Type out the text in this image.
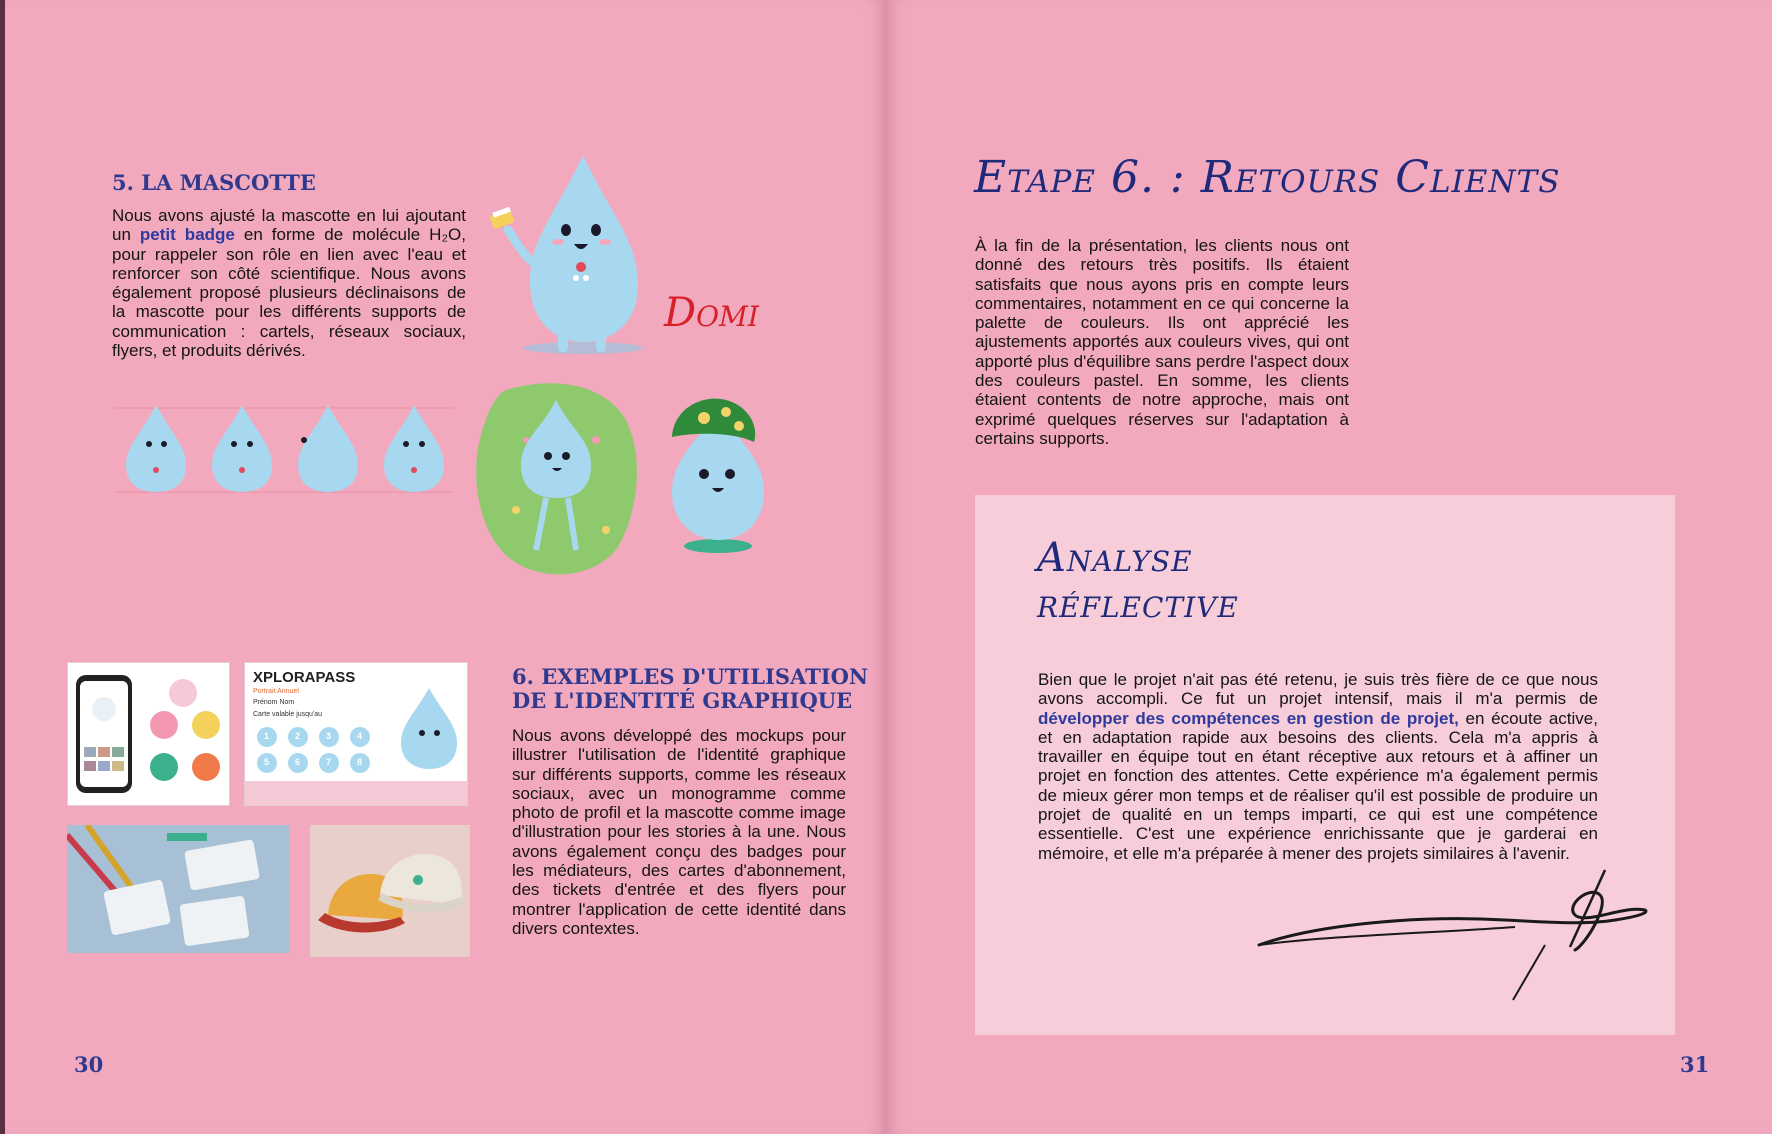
5. LA MASCOTTE
Nous avons ajusté la mascotte en lui ajoutant un petit badge en forme de molécule H₂O, pour rappeler son rôle en lien avec l'eau et renforcer son côté scientifique. Nous avons également proposé plusieurs déclinaisons de la mascotte pour les différents supports de communication : cartels, réseaux sociaux, flyers, et produits dérivés.
Domi
XPLORAPASS
Portrait Annuel
Prénom Nom
Carte valable jusqu'au
1	2	3	4
5	6	7	8
6. EXEMPLES D'UTILISATION
DE L'IDENTITÉ GRAPHIQUE
Nous avons développé des mockups pour illustrer l'utilisation de l'identité graphique sur différents supports, comme les réseaux sociaux, avec un monogramme comme photo de profil et la mascotte comme image d'illustration pour les stories à la une. Nous avons également conçu des badges pour les médiateurs, des cartes d'abonnement, des tickets d'entrée et des flyers pour montrer l'application de cette identité dans divers contextes.
30
Etape 6. : Retours Clients
À la fin de la présentation, les clients nous ont donné des retours très positifs. Ils étaient satisfaits que nous ayons pris en compte leurs commentaires, notamment en ce qui concerne la palette de couleurs. Ils ont apprécié les ajustements apportés aux couleurs vives, qui ont apporté plus d'équilibre sans perdre l'aspect doux des couleurs pastel. En somme, les clients étaient contents de notre approche, mais ont exprimé quelques réserves sur l'adaptation à certains supports.
Analyse
réflective
Bien que le projet n'ait pas été retenu, je suis très fière de ce que nous avons accompli. Ce fut un projet intensif, mais il m'a permis de développer des compétences en gestion de projet, en écoute active, et en adaptation rapide aux besoins des clients. Cela m'a appris à travailler en équipe tout en étant réceptive aux retours et à affiner un projet en fonction des attentes. Cette expérience m'a également permis de mieux gérer mon temps et de réaliser qu'il est possible de produire un projet de qualité en un temps imparti, ce qui est une compétence essentielle. C'est une expérience enrichissante que je garderai en mémoire, et elle m'a préparée à mener des projets similaires à l'avenir.
31
